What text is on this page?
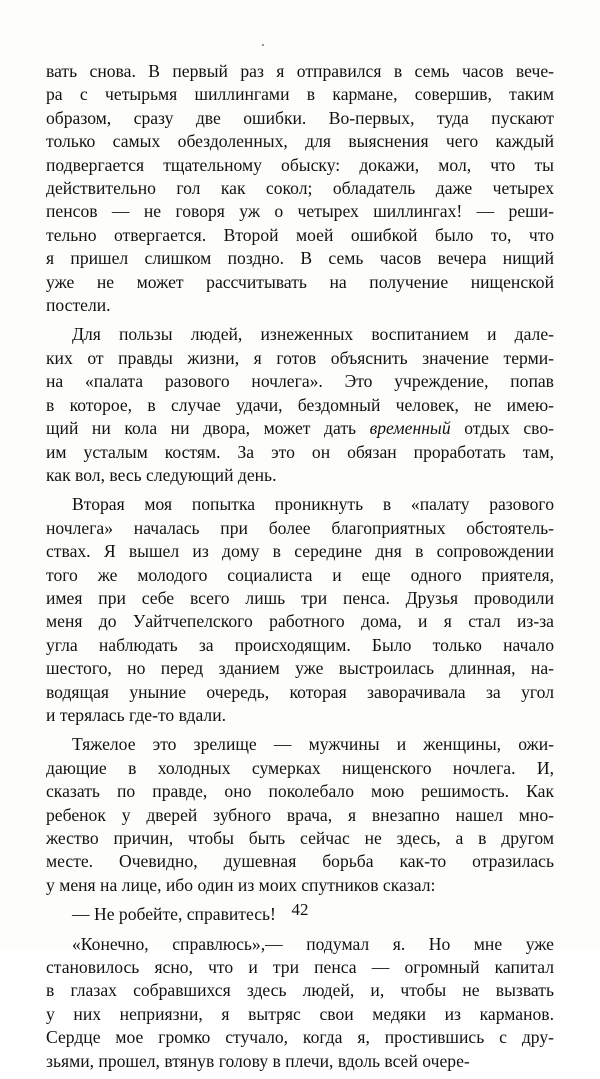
вать снова. В первый раз я отправился в семь часов вече-
ра с четырьмя шиллингами в кармане, совершив, таким
образом, сразу две ошибки. Во-первых, туда пускают
только самых обездоленных, для выяснения чего каждый
подвергается тщательному обыску: докажи, мол, что ты
действительно гол как сокол; обладатель даже четырех
пенсов — не говоря уж о четырех шиллингах! — реши-
тельно отвергается. Второй моей ошибкой было то, что
я пришел слишком поздно. В семь часов вечера нищий
уже не может рассчитывать на получение нищенской
постели.
Для пользы людей, изнеженных воспитанием и далe-
ких от правды жизни, я готов объяснить значение терми-
на «палата разового ночлега». Это учреждение, попав
в которое, в случае удачи, бездомный человек, не имею-
щий ни кола ни двора, может дать временный отдых сво-
им усталым костям. За это он обязан проработать там,
как вол, весь следующий день.
Вторая моя попытка проникнуть в «палату разового
ночлега» началась при более благоприятных обстоятель-
ствах. Я вышел из дому в середине дня в сопровождении
того же молодого социалиста и еще одного приятеля,
имея при себе всего лишь три пенса. Друзья проводили
меня до Уайтчепелского работного дома, и я стал из-за
угла наблюдать за происходящим. Было только начало
шестого, но перед зданием уже выстроилась длинная, на-
водящая уныние очередь, которая заворачивала за угол
и терялась где-то вдали.
Тяжелое это зрелище — мужчины и женщины, ожи-
дающие в холодных сумерках нищенского ночлега. И,
сказать по правде, оно поколебало мою решимость. Как
ребенок у дверей зубного врача, я внезапно нашел мно-
жество причин, чтобы быть сейчас не здесь, а в другом
месте. Очевидно, душевная борьба как-то отразилась
у меня на лице, ибо один из моих спутников сказал:
— Не робейте, справитесь!
«Конечно, справлюсь»,— подумал я. Но мне уже
становилось ясно, что и три пенса — огромный капитал
в глазах собравшихся здесь людей, и, чтобы не вызвать
у них неприязни, я вытряс свои медяки из карманов.
Сердце мое громко стучало, когда я, простившись с дру-
зьями, прошел, втянув голову в плечи, вдоль всей очере-
42
